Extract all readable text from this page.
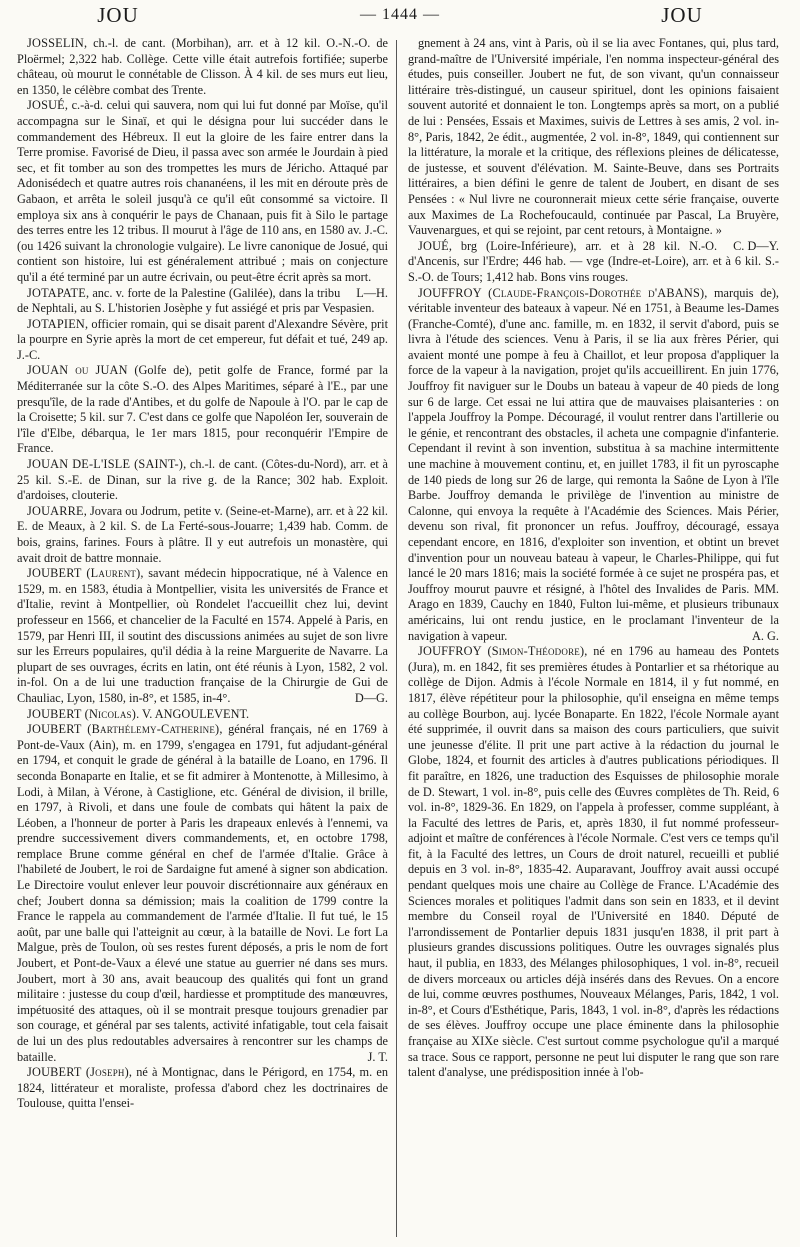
JOU	— 1444 —	JOU

JOSSELIN, ch.-l. de cant. (Morbihan), arr. et à 12 kil. O.-N.-O. de Ploërmel; 2,322 hab. Collège. Cette ville était autrefois fortifiée; superbe château, où mourut le connétable de Clisson. À 4 kil. de ses murs eut lieu, en 1350, le célèbre combat des Trente.

JOSUÉ, c.-à-d. celui qui sauvera, nom qui lui fut donné par Moïse, qu'il accompagna sur le Sinaï, et qui le désigna pour lui succéder dans le commandement des Hébreux. Il eut la gloire de les faire entrer dans la Terre promise. Favorisé de Dieu, il passa avec son armée le Jourdain à pied sec, et fit tomber au son des trompettes les murs de Jéricho. Attaqué par Adonisédech et quatre autres rois chananéens, il les mit en déroute près de Gabaon, et arrêta le soleil jusqu'à ce qu'il eût consommé sa victoire. Il employa six ans à conquérir le pays de Chanaan, puis fit à Silo le partage des terres entre les 12 tribus. Il mourut à l'âge de 110 ans, en 1580 av. J.-C. (ou 1426 suivant la chronologie vulgaire). Le livre canonique de Josué, qui contient son histoire, lui est généralement attribué ; mais on conjecture qu'il a été terminé par un autre écrivain, ou peut-être écrit après sa mort.
L—H.

JOTAPATE, anc. v. forte de la Palestine (Galilée), dans la tribu de Nephtali, au S. L'historien Josèphe y fut assiégé et pris par Vespasien.

JOTAPIEN, officier romain, qui se disait parent d'Alexandre Sévère, prit la pourpre en Syrie après la mort de cet empereur, fut défait et tué, 249 ap. J.-C.

JOUAN ou JUAN (Golfe de), petit golfe de France, formé par la Méditerranée sur la côte S.-O. des Alpes Maritimes, séparé à l'E., par une presqu'île, de la rade d'Antibes, et du golfe de Napoule à l'O. par le cap de la Croisette; 5 kil. sur 7. C'est dans ce golfe que Napoléon Ier, souverain de l'île d'Elbe, débarqua, le 1er mars 1815, pour reconquérir l'Empire de France.

JOUAN DE-L'ISLE (SAINT-), ch.-l. de cant. (Côtes-du-Nord), arr. et à 25 kil. S.-E. de Dinan, sur la rive g. de la Rance; 302 hab. Exploit. d'ardoises, clouterie.

JOUARRE, Jovara ou Jodrum, petite v. (Seine-et-Marne), arr. et à 22 kil. E. de Meaux, à 2 kil. S. de La Ferté-sous-Jouarre; 1,439 hab. Comm. de bois, grains, farines. Fours à plâtre. Il y eut autrefois un monastère, qui avait droit de battre monnaie.

JOUBERT (Laurent), savant médecin hippocratique, né à Valence en 1529, m. en 1583, étudia à Montpellier, visita les universités de France et d'Italie, revint à Montpellier, où Rondelet l'accueillit chez lui, devint professeur en 1566, et chancelier de la Faculté en 1574. Appelé à Paris, en 1579, par Henri III, il soutint des discussions animées au sujet de son livre sur les Erreurs populaires, qu'il dédia à la reine Marguerite de Navarre. La plupart de ses ouvrages, écrits en latin, ont été réunis à Lyon, 1582, 2 vol. in-fol. On a de lui une traduction française de la Chirurgie de Gui de Chauliac, Lyon, 1580, in-8°, et 1585, in-4°.	D—G.

JOUBERT (Nicolas). V. ANGOULEVENT.

JOUBERT (Barthélemy-Catherine), général français, né en 1769 à Pont-de-Vaux (Ain), m. en 1799, s'engagea en 1791, fut adjudant-général en 1794, et conquit le grade de général à la bataille de Loano, en 1796. Il seconda Bonaparte en Italie, et se fit admirer à Montenotte, à Millesimo, à Lodi, à Milan, à Vérone, à Castiglione, etc. Général de division, il brille, en 1797, à Rivoli, et dans une foule de combats qui hâtent la paix de Léoben, a l'honneur de porter à Paris les drapeaux enlevés à l'ennemi, va prendre successivement divers commandements, et, en octobre 1798, remplace Brune comme général en chef de l'armée d'Italie. Grâce à l'habileté de Joubert, le roi de Sardaigne fut amené à signer son abdication. Le Directoire voulut enlever leur pouvoir discrétionnaire aux généraux en chef; Joubert donna sa démission; mais la coalition de 1799 contre la France le rappela au commandement de l'armée d'Italie. Il fut tué, le 15 août, par une balle qui l'atteignit au cœur, à la bataille de Novi. Le fort La Malgue, près de Toulon, où ses restes furent déposés, a pris le nom de fort Joubert, et Pont-de-Vaux a élevé une statue au guerrier né dans ses murs. Joubert, mort à 30 ans, avait beaucoup des qualités qui font un grand militaire : justesse du coup d'œil, hardiesse et promptitude des manœuvres, impétuosité des attaques, où il se montrait presque toujours grenadier par son courage, et général par ses talents, activité infatigable, tout cela faisait de lui un des plus redoutables adversaires à rencontrer sur les champs de bataille.	J. T.

JOUBERT (Joseph), né à Montignac, dans le Périgord, en 1754, m. en 1824, littérateur et moraliste, professa d'abord chez les doctrinaires de Toulouse, quitta l'ensei-

gnement à 24 ans, vint à Paris, où il se lia avec Fontanes, qui, plus tard, grand-maître de l'Université impériale, l'en nomma inspecteur-général des études, puis conseiller. Joubert ne fut, de son vivant, qu'un connaisseur littéraire très-distingué, un causeur spirituel, dont les opinions faisaient souvent autorité et donnaient le ton. Longtemps après sa mort, on a publié de lui : Pensées, Essais et Maximes, suivis de Lettres à ses amis, 2 vol. in-8°, Paris, 1842, 2e édit., augmentée, 2 vol. in-8°, 1849, qui contiennent sur la littérature, la morale et la critique, des réflexions pleines de délicatesse, de justesse, et souvent d'élévation. M. Sainte-Beuve, dans ses Portraits littéraires, a bien défini le genre de talent de Joubert, en disant de ses Pensées : « Nul livre ne couronnerait mieux cette série française, ouverte aux Maximes de La Rochefoucauld, continuée par Pascal, La Bruyère, Vauvenargues, et qui se rejoint, par cent retours, à Montaigne. »
C. D—Y.

JOUÉ, brg (Loire-Inférieure), arr. et à 28 kil. N.-O. d'Ancenis, sur l'Erdre; 446 hab. — vge (Indre-et-Loire), arr. et à 6 kil. S.-S.-O. de Tours; 1,412 hab. Bons vins rouges.

JOUFFROY (Claude-François-Dorothée d'ABANS), marquis de), véritable inventeur des bateaux à vapeur. Né en 1751, à Beaume les-Dames (Franche-Comté), d'une anc. famille, m. en 1832, il servit d'abord, puis se livra à l'étude des sciences. Venu à Paris, il se lia aux frères Périer, qui avaient monté une pompe à feu à Chaillot, et leur proposa d'appliquer la force de la vapeur à la navigation, projet qu'ils accueillirent. En juin 1776, Jouffroy fit naviguer sur le Doubs un bateau à vapeur de 40 pieds de long sur 6 de large. Cet essai ne lui attira que de mauvaises plaisanteries : on l'appela Jouffroy la Pompe. Découragé, il voulut rentrer dans l'artillerie ou le génie, et rencontrant des obstacles, il acheta une compagnie d'infanterie. Cependant il revint à son invention, substitua à sa machine intermittente une machine à mouvement continu, et, en juillet 1783, il fit un pyroscaphe de 140 pieds de long sur 26 de large, qui remonta la Saône de Lyon à l'île Barbe. Jouffroy demanda le privilège de l'invention au ministre de Calonne, qui envoya la requête à l'Académie des Sciences. Mais Périer, devenu son rival, fit prononcer un refus. Jouffroy, découragé, essaya cependant encore, en 1816, d'exploiter son invention, et obtint un brevet d'invention pour un nouveau bateau à vapeur, le Charles-Philippe, qui fut lancé le 20 mars 1816; mais la société formée à ce sujet ne prospéra pas, et Jouffroy mourut pauvre et résigné, à l'hôtel des Invalides de Paris. MM. Arago en 1839, Cauchy en 1840, Fulton lui-même, et plusieurs tribunaux américains, lui ont rendu justice, en le proclamant l'inventeur de la navigation à vapeur.	A. G.

JOUFFROY (Simon-Théodore), né en 1796 au hameau des Pontets (Jura), m. en 1842, fit ses premières études à Pontarlier et sa rhétorique au collège de Dijon. Admis à l'école Normale en 1814, il y fut nommé, en 1817, élève répétiteur pour la philosophie, qu'il enseigna en même temps au collège Bourbon, auj. lycée Bonaparte. En 1822, l'école Normale ayant été supprimée, il ouvrit dans sa maison des cours particuliers, que suivit une jeunesse d'élite. Il prit une part active à la rédaction du journal le Globe, 1824, et fournit des articles à d'autres publications périodiques. Il fit paraître, en 1826, une traduction des Esquisses de philosophie morale de D. Stewart, 1 vol. in-8°, puis celle des Œuvres complètes de Th. Reid, 6 vol. in-8°, 1829-36. En 1829, on l'appela à professer, comme suppléant, à la Faculté des lettres de Paris, et, après 1830, il fut nommé professeur-adjoint et maître de conférences à l'école Normale. C'est vers ce temps qu'il fit, à la Faculté des lettres, un Cours de droit naturel, recueilli et publié depuis en 3 vol. in-8°, 1835-42. Auparavant, Jouffroy avait aussi occupé pendant quelques mois une chaire au Collège de France. L'Académie des Sciences morales et politiques l'admit dans son sein en 1833, et il devint membre du Conseil royal de l'Université en 1840. Député de l'arrondissement de Pontarlier depuis 1831 jusqu'en 1838, il prit part à plusieurs grandes discussions politiques. Outre les ouvrages signalés plus haut, il publia, en 1833, des Mélanges philosophiques, 1 vol. in-8°, recueil de divers morceaux ou articles déjà insérés dans des Revues. On a encore de lui, comme œuvres posthumes, Nouveaux Mélanges, Paris, 1842, 1 vol. in-8°, et Cours d'Esthétique, Paris, 1843, 1 vol. in-8°, d'après les rédactions de ses élèves. Jouffroy occupe une place éminente dans la philosophie française au XIXe siècle. C'est surtout comme psychologue qu'il a marqué sa trace. Sous ce rapport, personne ne peut lui disputer le rang que son rare talent d'analyse, une prédisposition innée à l'ob-
